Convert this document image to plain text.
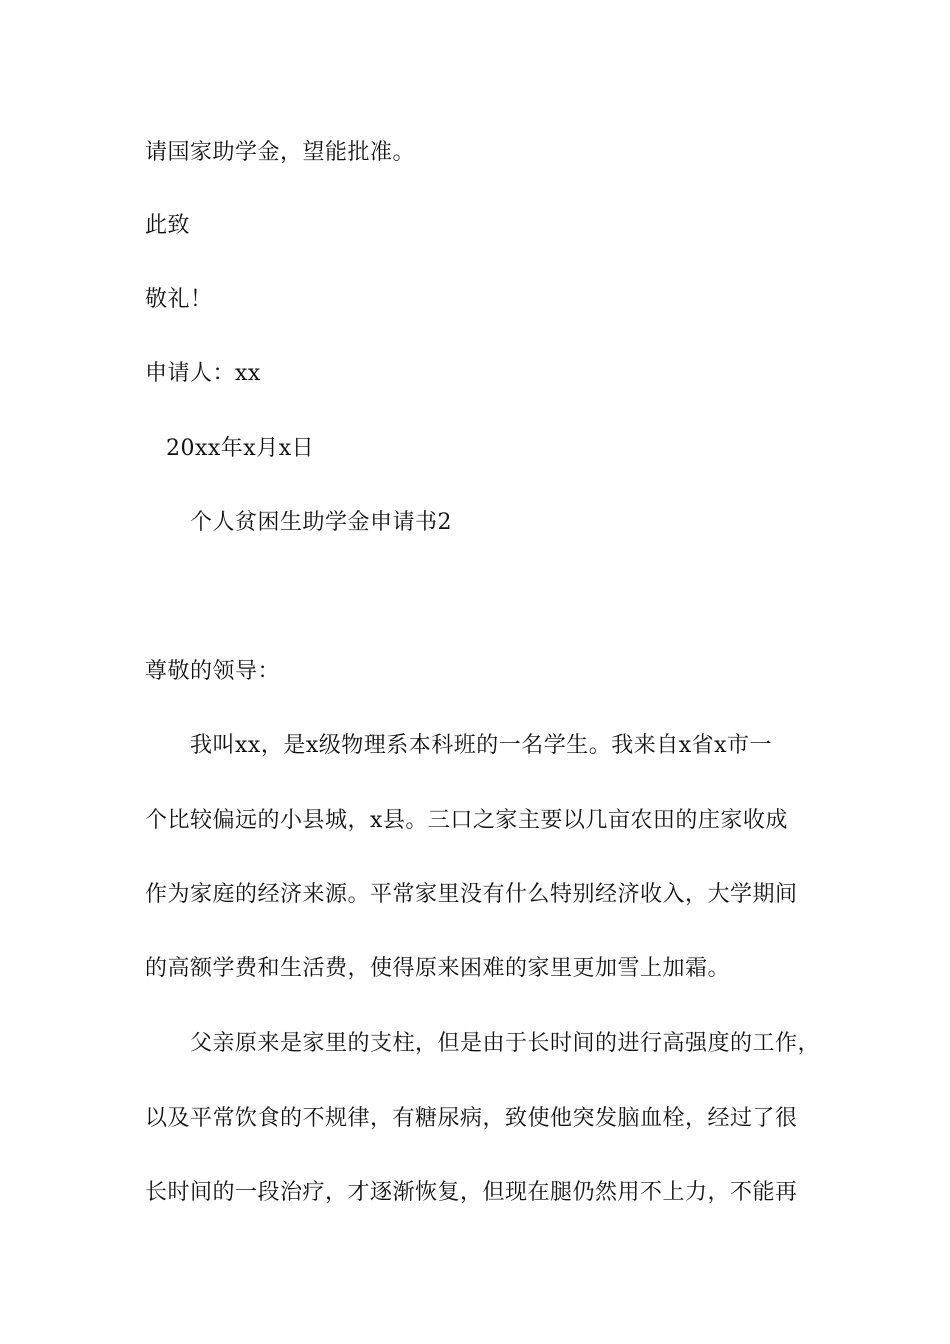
请国家助学金，望能批准。
此致
敬礼！
申请人：xx
20xx年x月x日
个人贫困生助学金申请书2
尊敬的领导：
我叫xx，是x级物理系本科班的一名学生。我来自x省x市一
个比较偏远的小县城，x县。三口之家主要以几亩农田的庄家收成
作为家庭的经济来源。平常家里没有什么特别经济收入，大学期间
的高额学费和生活费，使得原来困难的家里更加雪上加霜。
父亲原来是家里的支柱，但是由于长时间的进行高强度的工作，
以及平常饮食的不规律，有糖尿病，致使他突发脑血栓，经过了很
长时间的一段治疗，才逐渐恢复，但现在腿仍然用不上力，不能再
